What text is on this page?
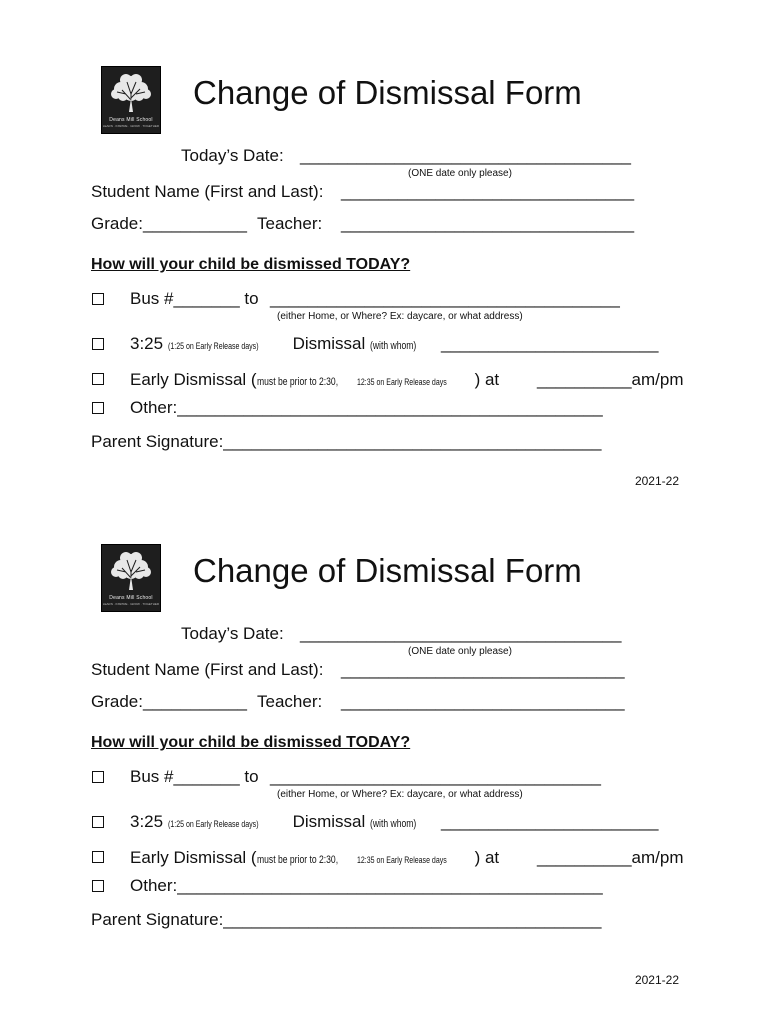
Deans Mill School
LEARN · INSPIRE · GROW · TOGETHER
Change of Dismissal Form
Today’s Date: ___________________________________
(ONE date only please)
Student Name (First and Last): _______________________________
Grade:___________ Teacher: _______________________________
How will your child be dismissed TODAY?
Bus #_______ to _____________________________________
(either Home, or Where? Ex: daycare, or what address)
3:25 (1:25 on Early Release days) Dismissal (with whom)	_______________________
Early Dismissal (must be prior to 2:30, 12:35 on Early Release days ) at __________am/pm
Other:_____________________________________________
Parent Signature:________________________________________
2021-22
Deans Mill School
LEARN · INSPIRE · GROW · TOGETHER
Change of Dismissal Form
Today’s Date: __________________________________
(ONE date only please)
Student Name (First and Last): ______________________________
Grade:___________ Teacher: ______________________________
How will your child be dismissed TODAY?
Bus #_______ to ___________________________________
(either Home, or Where? Ex: daycare, or what address)
3:25 (1:25 on Early Release days) Dismissal (with whom)	_______________________
Early Dismissal (must be prior to 2:30, 12:35 on Early Release days ) at __________am/pm
Other:_____________________________________________
Parent Signature:________________________________________
2021-22
